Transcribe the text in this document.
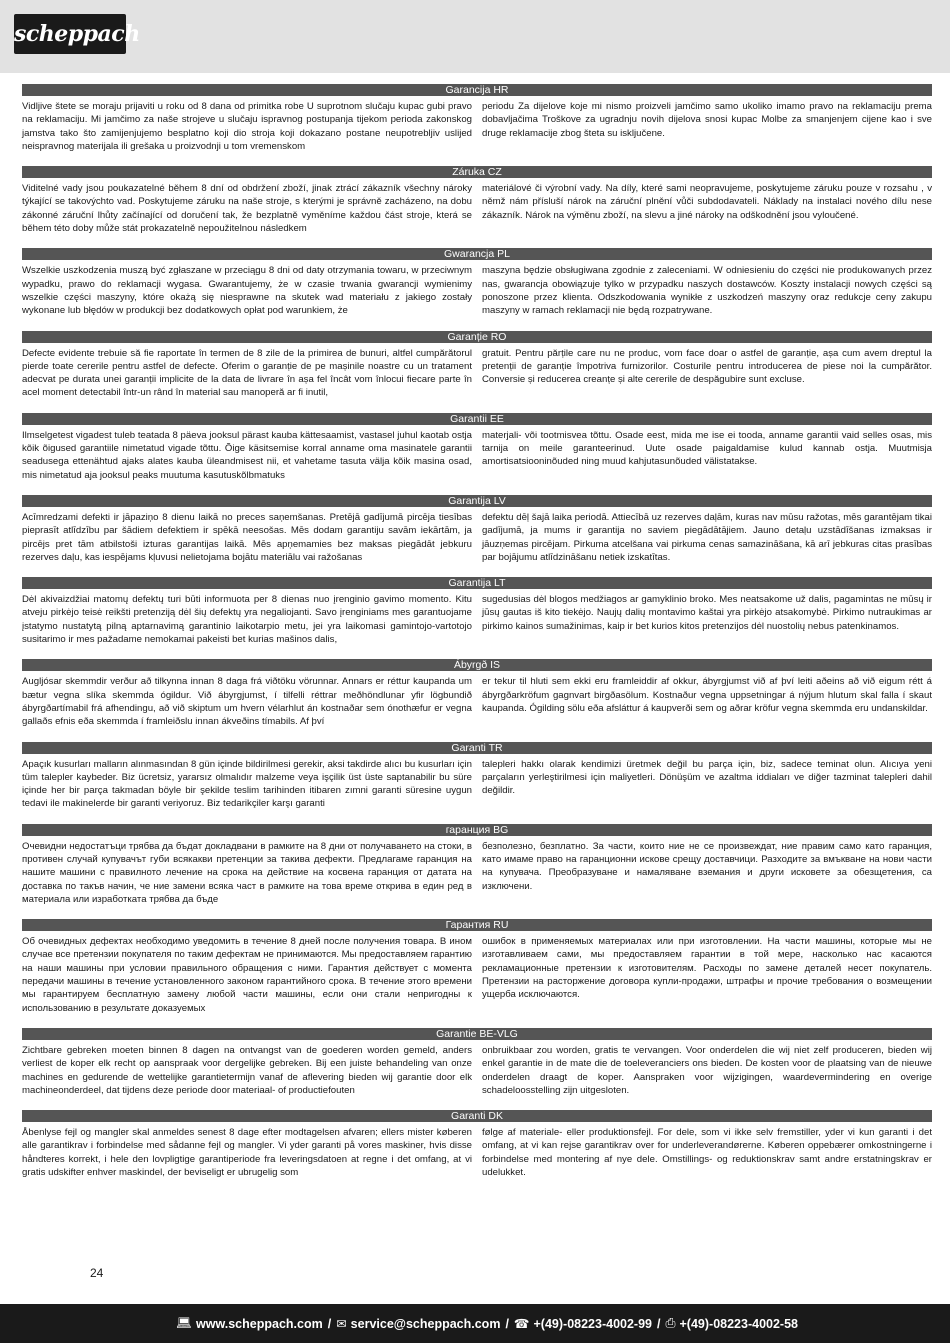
scheppach
Garancija HR
Vidljive štete se moraju prijaviti u roku od 8 dana od primitka robe U suprotnom slučaju kupac gubi pravo na reklamaciju. Mi jamčimo za naše strojeve u slučaju ispravnog postupanja tijekom perioda zakonskog jamstva tako što zamijenjujemo besplatno koji dio stroja koji dokazano postane neupotrebljiv uslijed neispravnog materijala ili grešaka u proizvodnji u tom vremenskom
periodu Za dijelove koje mi nismo proizveli jamčimo samo ukoliko imamo pravo na reklamaciju prema dobavljačima Troškove za ugradnju novih dijelova snosi kupac Molbe za smanjenjem cijene kao i sve druge reklamacije zbog šteta su isključene.
Záruka CZ
Viditelné vady jsou poukazatelné během 8 dní od obdržení zboží, jinak ztrácí zákazník všechny nároky týkající se takovýchto vad. Poskytujeme záruku na naše stroje, s kterými je správně zacházeno, na dobu zákonné záruční lhůty začínající od doručení tak, že bezplatně vyměníme každou část stroje, která se během této doby může stát prokazatelně nepoužitelnou následkem
materiálové či výrobní vady. Na díly, které sami neopravujeme, poskytujeme záruku pouze v rozsahu , v němž nám přísluší nárok na záruční plnění vůči subdodavateli. Náklady na instalaci nového dílu nese zákazník. Nárok na výměnu zboží, na slevu a jiné nároky na odškodnění jsou vyloučené.
Gwarancja PL
Wszelkie uszkodzenia muszą być zgłaszane w przeciągu 8 dni od daty otrzymania towaru, w przeciwnym wypadku, prawo do reklamacji wygasa. Gwarantujemy, że w czasie trwania gwarancji wymienimy wszelkie części maszyny, które okażą się niesprawne na skutek wad materiału z jakiego zostały wykonane lub błędów w produkcji bez dodatkowych opłat pod warunkiem, że
maszyna będzie obsługiwana zgodnie z zaleceniami. W odniesieniu do części nie produkowanych przez nas, gwarancja obowiązuje tylko w przypadku naszych dostawców. Koszty instalacji nowych części są ponoszone przez klienta. Odszkodowania wynikłe z uszkodzeń maszyny oraz redukcje ceny zakupu maszyny w ramach reklamacji nie będą rozpatrywane.
Garanție RO
Defecte evidente trebuie să fie raportate în termen de 8 zile de la primirea de bunuri, altfel cumpărătorul pierde toate cererile pentru astfel de defecte. Oferim o garanție de pe mașinile noastre cu un tratament adecvat pe durata unei garanții implicite de la data de livrare în așa fel încât vom înlocui fiecare parte în acel moment detectabil într-un rând în material sau manoperă ar fi inutil,
gratuit. Pentru părțile care nu ne produc, vom face doar o astfel de garanție, așa cum avem dreptul la pretenții de garanție împotriva furnizorilor. Costurile pentru introducerea de piese noi la cumpărător. Conversie și reducerea creanțe și alte cererile de despăgubire sunt excluse.
Garantii EE
Ilmselgetest vigadest tuleb teatada 8 päeva jooksul pärast kauba kättesaamist, vastasel juhul kaotab ostja kõik õigused garantiile nimetatud vigade tõttu. Õige käsitsemise korral anname oma masinatele garantii seadusega ettenähtud ajaks alates kauba üleandmisest nii, et vahetame tasuta välja kõik masina osad, mis nimetatud aja jooksul peaks muutuma kasutuskõlbmatuks
materjali- või tootmisvea tõttu. Osade eest, mida me ise ei tooda, anname garantii vaid selles osas, mis tarnija on meile garanteerinud. Uute osade paigaldamise kulud kannab ostja. Muutmisja amortisatsiooninõuded ning muud kahjutasunõuded välistatakse.
Garantija LV
Acīmredzami defekti ir jāpaziņo 8 dienu laikā no preces saņemšanas. Pretējā gadījumā pircēja tiesības pieprasīt atlīdzību par šādiem defektiem ir spēkā neesošas. Mēs dodam garantiju savām iekārtām, ja pircējs pret tām atbilstoši izturas garantijas laikā. Mēs apņemamies bez maksas piegādāt jebkuru rezerves daļu, kas iespējams kļuvusi nelietojama bojātu materiālu vai ražošanas
defektu dēļ šajā laika periodā. Attiecībā uz rezerves daļām, kuras nav mūsu ražotas, mēs garantējam tikai gadījumā, ja mums ir garantija no saviem piegādātājiem. Jauno detaļu uzstādīšanas izmaksas ir jāuzņemas pircējam. Pirkuma atcelšana vai pirkuma cenas samazināšana, kā arī jebkuras citas prasības par bojājumu atlīdzināšanu netiek izskatītas.
Garantija LT
Dėl akivaizdžiai matomų defektų turi būti informuota per 8 dienas nuo įrenginio gavimo momento. Kitu atveju pirkėjo teisė reikšti pretenziją dėl šių defektų yra negaliojanti. Savo įrenginiams mes garantuojame įstatymo nustatytą pilną aptarnavimą garantinio laikotarpio metu, jei yra laikomasi gamintojo-vartotojo susitarimo ir mes pažadame nemokamai pakeisti bet kurias mašinos dalis,
sugedusias dėl blogos medžiagos ar gamyklinio broko. Mes neatsakome už dalis, pagamintas ne mūsų ir jūsų gautas iš kito tiekėjo. Naujų dalių montavimo kaštai yra pirkėjo atsakomybė. Pirkimo nutraukimas ar pirkimo kainos sumažinimas, kaip ir bet kurios kitos pretenzijos dėl nuostolių nebus patenkinamos.
Ábyrgð IS
Augljósar skemmdir verður að tilkynna innan 8 daga frá viðtöku vörunnar. Annars er réttur kaupanda um bætur vegna slíka skemmda ógildur. Við ábyrgjumst, í tilfelli réttrar meðhöndlunar yfir lögbundið ábyrgðartímabil frá afhendingu, að við skiptum um hvern vélarhlut án kostnaðar sem ónothæfur er vegna gallaðs efnis eða skemmda í framleiðslu innan ákveðins tímabils. Af því
er tekur til hluti sem ekki eru framleiddir af okkur, ábyrgjumst við af því leiti aðeins að við eigum rétt á ábyrgðarkröfum gagnvart birgðasölum. Kostnaður vegna uppsetningar á nýjum hlutum skal falla í skaut kaupanda. Ógilding sölu eða afsláttur á kaupverði sem og aðrar kröfur vegna skemmda eru undanskildar.
Garanti TR
Apaçık kusurları malların alınmasından 8 gün içinde bildirilmesi gerekir, aksi takdirde alıcı bu kusurları için tüm talepler kaybeder. Biz ücretsiz, yararsız olmalıdır malzeme veya işçilik üst üste saptanabilir bu süre içinde her bir parça takmadan böyle bir şekilde teslim tarihinden itibaren zımni garanti süresine uygun tedavi ile makinelerde bir garanti veriyoruz. Biz tedarikçiler karşı garanti
talepleri hakkı olarak kendimizi üretmek değil bu parça için, biz, sadece teminat olun. Alıcıya yeni parçaların yerleştirilmesi için maliyetleri. Dönüşüm ve azaltma iddiaları ve diğer tazminat talepleri dahil değildir.
гаранция BG
Очевидни недостатъци трябва да бъдат докладвани в рамките на 8 дни от получаването на стоки, в противен случай купувачът губи всякакви претенции за такива дефекти. Предлагаме гаранция на нашите машини с правилното лечение на срока на действие на косвена гаранция от датата на доставка по такъв начин, че ние замени всяка част в рамките на това време открива в един ред в материала или изработката трябва да бъде
безполезно, безплатно. За части, които ние не се произвеждат, ние правим само като гаранция, като имаме право на гаранционни искове срещу доставчици. Разходите за вмъкване на нови части на купувача. Преобразуване и намаляване вземания и други исковете за обезщетения, са изключени.
Гарантия RU
Об очевидных дефектах необходимо уведомить в течение 8 дней после получения товара. В ином случае все претензии покупателя по таким дефектам не принимаются. Мы предоставляем гарантию на наши машины при условии правильного обращения с ними. Гарантия действует с момента передачи машины в течение установленного законом гарантийного срока. В течение этого времени мы гарантируем бесплатную замену любой части машины, если они стали непригодны к использованию в результате доказуемых
ошибок в применяемых материалах или при изготовлении. На части машины, которые мы не изготавливаем сами, мы предоставляем гарантии в той мере, насколько нас касаются рекламационные претензии к изготовителям. Расходы по замене деталей несет покупатель. Претензии на расторжение договора купли-продажи, штрафы и прочие требования о возмещении ущерба исключаются.
Garantie BE-VLG
Zichtbare gebreken moeten binnen 8 dagen na ontvangst van de goederen worden gemeld, anders verliest de koper elk recht op aanspraak voor dergelijke gebreken. Bij een juiste behandeling van onze machines en gedurende de wettelijke garantietermijn vanaf de aflevering bieden wij garantie door elk machineonderdeel, dat tijdens deze periode door materiaal- of productiefouten
onbruikbaar zou worden, gratis te vervangen. Voor onderdelen die wij niet zelf produceren, bieden wij enkel garantie in de mate die de toeleveranciers ons bieden. De kosten voor de plaatsing van de nieuwe onderdelen draagt de koper. Aanspraken voor wijzigingen, waardevermindering en overige schadeloosstelling zijn uitgesloten.
Garanti DK
Åbenlyse fejl og mangler skal anmeldes senest 8 dage efter modtagelsen afvaren; ellers mister køberen alle garantikrav i forbindelse med sådanne fejl og mangler. Vi yder garanti på vores maskiner, hvis disse håndteres korrekt, i hele den lovpligtige garantiperiode fra leveringsdatoen at regne i det omfang, at vi gratis udskifter enhver maskindel, der beviseligt er ubrugelig som
følge af materiale- eller produktionsfejl. For dele, som vi ikke selv fremstiller, yder vi kun garanti i det omfang, at vi kan rejse garantikrav over for underleverandørerne. Køberen oppebærer omkostningerne i forbindelse med montering af nye dele. Omstillings- og reduktionskrav samt andre erstatningskrav er udelukket.
24
💻︎ www.scheppach.com / ✉︎ service@scheppach.com / ☎︎ +(49)-08223-4002-99 / ⎙︎ +(49)-08223-4002-58
